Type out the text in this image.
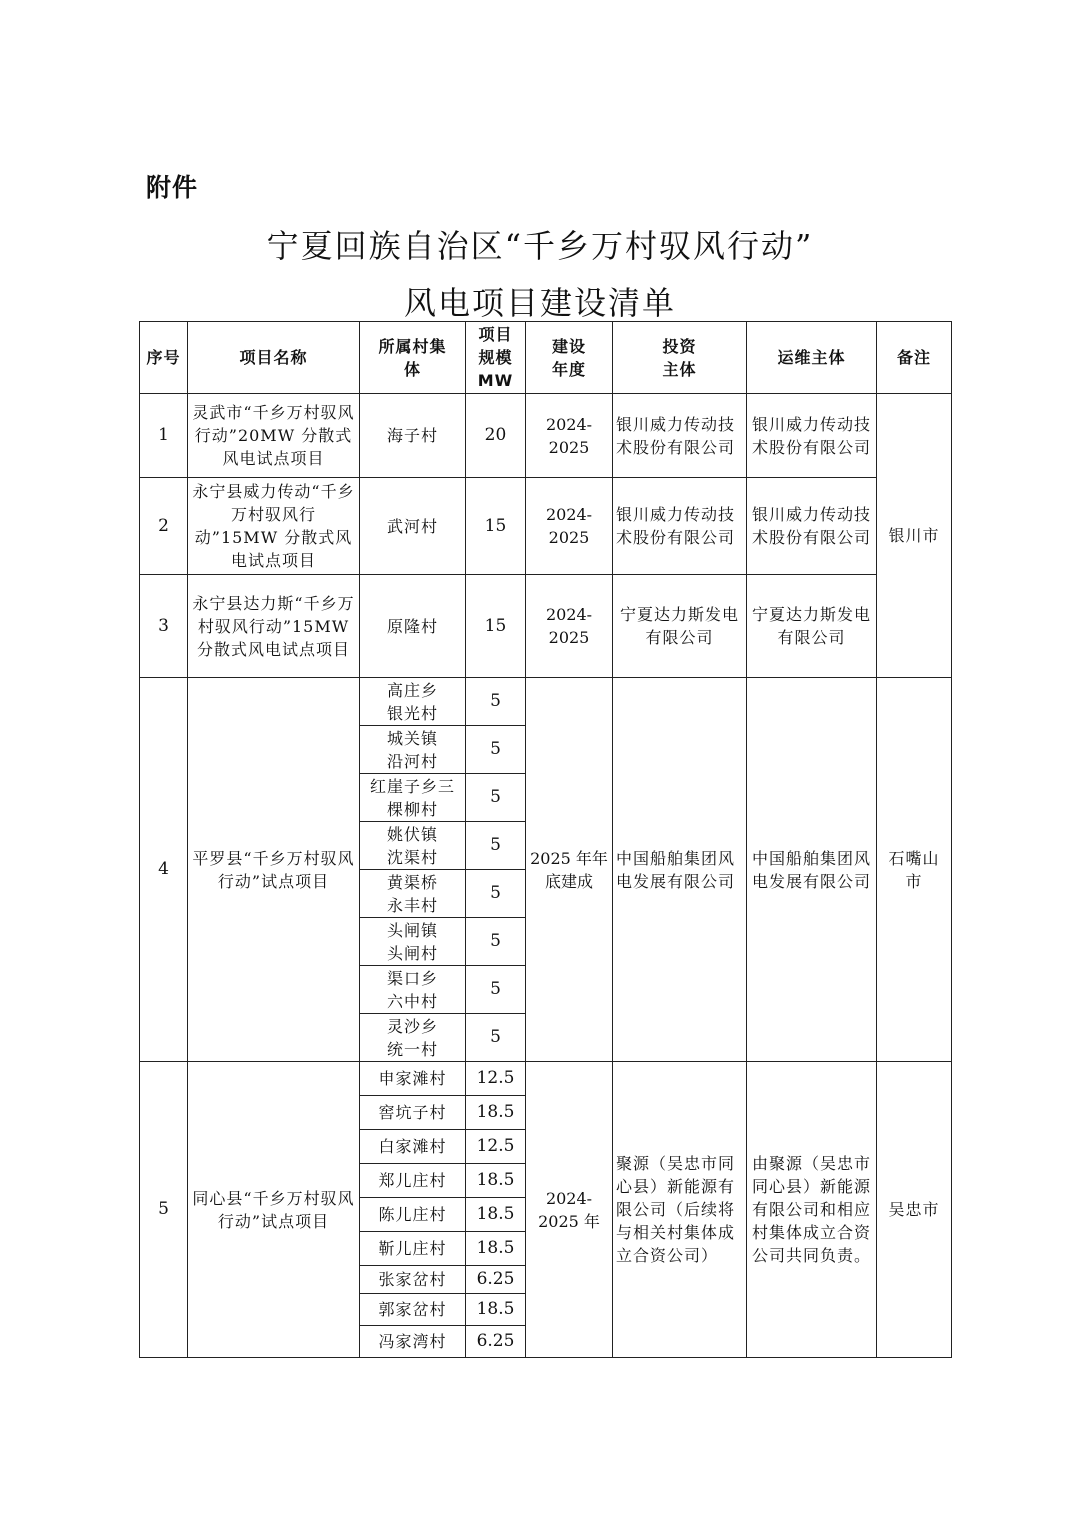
附件
宁夏回族自治区“千乡万村驭风行动”
风电项目建设清单
序号	项目名称	所属村集体	项目规模MW	建设年度	投资主体	运维主体	备注
1	灵武市“千乡万村驭风行动”20MW 分散式风电试点项目	海子村	20	2024-2025	银川威力传动技术股份有限公司	银川威力传动技术股份有限公司	银川市
2	永宁县威力传动“千乡万村驭风行动”15MW 分散式风电试点项目	武河村	15	2024-2025	银川威力传动技术股份有限公司	银川威力传动技术股份有限公司	
3	永宁县达力斯“千乡万村驭风行动”15MW 分散式风电试点项目	原隆村	15	2024-2025	宁夏达力斯发电有限公司	宁夏达力斯发电有限公司	
4	平罗县“千乡万村驭风行动”试点项目	高庄乡银光村	5	2025 年年底建成	中国船舶集团风电发展有限公司	中国船舶集团风电发展有限公司	石嘴山市
		城关镇沿河村	5				
		红崖子乡三棵柳村	5				
		姚伏镇沈渠村	5				
		黄渠桥永丰村	5				
		头闸镇头闸村	5				
		渠口乡六中村	5				
		灵沙乡统一村	5				
5	同心县“千乡万村驭风行动”试点项目	申家滩村	12.5	2024-2025 年	聚源（吴忠市同心县）新能源有限公司（后续将与相关村集体成立合资公司）	由聚源（吴忠市同心县）新能源有限公司和相应村集体成立合资公司共同负责。	吴忠市
		窖坑子村	18.5				
		白家滩村	12.5				
		郑儿庄村	18.5				
		陈儿庄村	18.5				
		靳儿庄村	18.5				
		张家岔村	6.25				
		郭家岔村	18.5				
		冯家湾村	6.25				
